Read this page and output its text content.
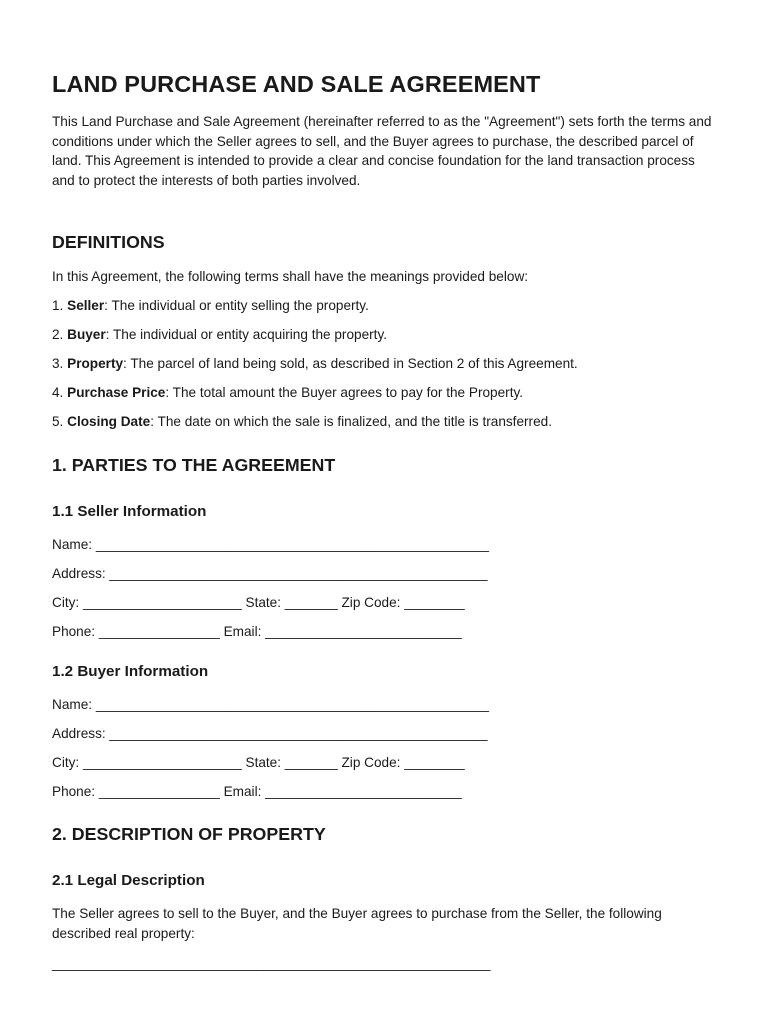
LAND PURCHASE AND SALE AGREEMENT

This Land Purchase and Sale Agreement (hereinafter referred to as the "Agreement") sets forth the terms and conditions under which the Seller agrees to sell, and the Buyer agrees to purchase, the described parcel of land. This Agreement is intended to provide a clear and concise foundation for the land transaction process and to protect the interests of both parties involved.

DEFINITIONS

In this Agreement, the following terms shall have the meanings provided below:

1. Seller: The individual or entity selling the property.

2. Buyer: The individual or entity acquiring the property.

3. Property: The parcel of land being sold, as described in Section 2 of this Agreement.

4. Purchase Price: The total amount the Buyer agrees to pay for the Property.

5. Closing Date: The date on which the sale is finalized, and the title is transferred.

1. PARTIES TO THE AGREEMENT
1.1 Seller Information

Name: ____________________________________________________

Address: __________________________________________________

City: _____________________ State: _______ Zip Code: ________

Phone: ________________ Email: __________________________

1.2 Buyer Information

Name: ____________________________________________________

Address: __________________________________________________

City: _____________________ State: _______ Zip Code: ________

Phone: ________________ Email: __________________________

2. DESCRIPTION OF PROPERTY
2.1 Legal Description

The Seller agrees to sell to the Buyer, and the Buyer agrees to purchase from the Seller, the following described real property:

__________________________________________________________
